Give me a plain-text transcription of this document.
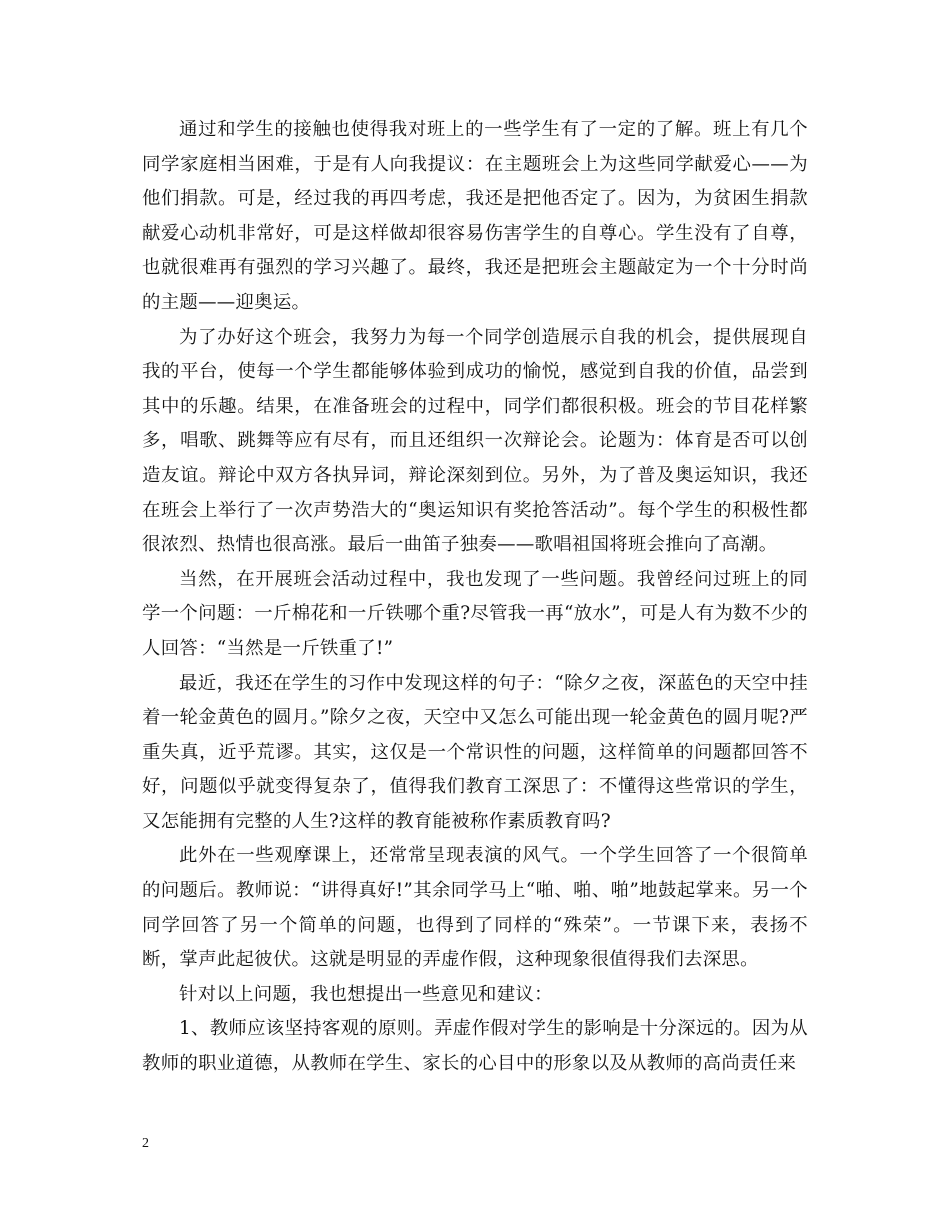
通过和学生的接触也使得我对班上的一些学生有了一定的了解。班上有几个同学家庭相当困难，于是有人向我提议：在主题班会上为这些同学献爱心——为他们捐款。可是，经过我的再四考虑，我还是把他否定了。因为，为贫困生捐款献爱心动机非常好，可是这样做却很容易伤害学生的自尊心。学生没有了自尊，也就很难再有强烈的学习兴趣了。最终，我还是把班会主题敲定为一个十分时尚的主题——迎奥运。

为了办好这个班会，我努力为每一个同学创造展示自我的机会，提供展现自我的平台，使每一个学生都能够体验到成功的愉悦，感觉到自我的价值，品尝到其中的乐趣。结果，在准备班会的过程中，同学们都很积极。班会的节目花样繁多，唱歌、跳舞等应有尽有，而且还组织一次辩论会。论题为：体育是否可以创造友谊。辩论中双方各执异词，辩论深刻到位。另外，为了普及奥运知识，我还在班会上举行了一次声势浩大的“奥运知识有奖抢答活动”。每个学生的积极性都很浓烈、热情也很高涨。最后一曲笛子独奏——歌唱祖国将班会推向了高潮。

当然，在开展班会活动过程中，我也发现了一些问题。我曾经问过班上的同学一个问题：一斤棉花和一斤铁哪个重?尽管我一再“放水”，可是人有为数不少的人回答：“当然是一斤铁重了!”

最近，我还在学生的习作中发现这样的句子：“除夕之夜，深蓝色的天空中挂着一轮金黄色的圆月。”除夕之夜，天空中又怎么可能出现一轮金黄色的圆月呢?严重失真，近乎荒谬。其实，这仅是一个常识性的问题，这样简单的问题都回答不好，问题似乎就变得复杂了，值得我们教育工深思了：不懂得这些常识的学生，又怎能拥有完整的人生?这样的教育能被称作素质教育吗?

此外在一些观摩课上，还常常呈现表演的风气。一个学生回答了一个很简单的问题后。教师说：“讲得真好!”其余同学马上“啪、啪、啪”地鼓起掌来。另一个同学回答了另一个简单的问题，也得到了同样的“殊荣”。一节课下来，表扬不断，掌声此起彼伏。这就是明显的弄虚作假，这种现象很值得我们去深思。

针对以上问题，我也想提出一些意见和建议：

1、教师应该坚持客观的原则。弄虚作假对学生的影响是十分深远的。因为从教师的职业道德，从教师在学生、家长的心目中的形象以及从教师的高尚责任来

2
